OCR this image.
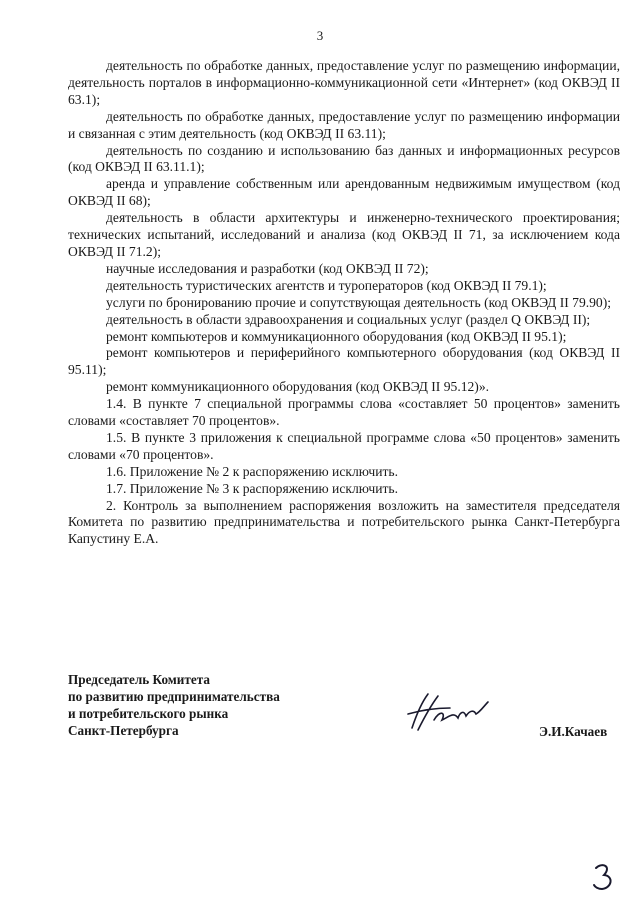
3

деятельность по обработке данных, предоставление услуг по размещению информации, деятельность порталов в информационно-коммуникационной сети «Интернет» (код ОКВЭД II 63.1);

деятельность по обработке данных, предоставление услуг по размещению информации и связанная с этим деятельность (код ОКВЭД II 63.11);

деятельность по созданию и использованию баз данных и информационных ресурсов (код ОКВЭД II 63.11.1);

аренда и управление собственным или арендованным недвижимым имуществом (код ОКВЭД II 68);

деятельность в области архитектуры и инженерно-технического проектирования; технических испытаний, исследований и анализа (код ОКВЭД II 71, за исключением кода ОКВЭД II 71.2);

научные исследования и разработки (код ОКВЭД II 72);

деятельность туристических агентств и туроператоров (код ОКВЭД II 79.1);

услуги по бронированию прочие и сопутствующая деятельность (код ОКВЭД II 79.90);

деятельность в области здравоохранения и социальных услуг (раздел Q ОКВЭД II);

ремонт компьютеров и коммуникационного оборудования (код ОКВЭД II 95.1);

ремонт компьютеров и периферийного компьютерного оборудования (код ОКВЭД II 95.11);

ремонт коммуникационного оборудования (код ОКВЭД II 95.12)».

1.4. В пункте 7 специальной программы слова «составляет 50 процентов» заменить словами «составляет 70 процентов».

1.5. В пункте 3 приложения к специальной программе слова «50 процентов» заменить словами «70 процентов».

1.6. Приложение № 2 к распоряжению исключить.

1.7. Приложение № 3 к распоряжению исключить.

2. Контроль за выполнением распоряжения возложить на заместителя председателя Комитета по развитию предпринимательства и потребительского рынка Санкт-Петербурга Капустину Е.А.

Председатель Комитета
по развитию предпринимательства
и потребительского рынка
Санкт-Петербурга	Э.И.Качаев
